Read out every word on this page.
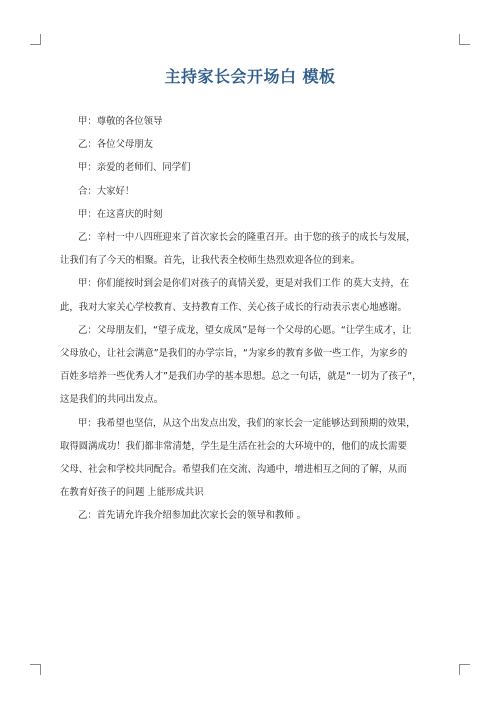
主持家长会开场白 模板
甲：尊敬的各位领导
乙：各位父母朋友
甲：亲爱的老师们、同学们
合：大家好！
甲：在这喜庆的时刻
乙：辛村一中八四班迎来了首次家长会的隆重召开。由于您的孩子的成长与发展，
让我们有了今天的相聚。首先，让我代表全校师生热烈欢迎各位的到来。
甲：你们能按时到会是你们对孩子的真情关爱，更是对我们工作 的莫大支持，在
此，我对大家关心学校教育、支持教育工作、关心孩子成长的行动表示衷心地感谢。
乙：父母朋友们，“望子成龙，望女成凤”是每一个父母的心愿。“让学生成才，让
父母放心，让社会满意”是我们的办学宗旨，“为家乡的教育多做一些工作，为家乡的
百姓多培养一些优秀人才”是我们办学的基本思想。总之一句话，就是“一切为了孩子”，
这是我们的共同出发点。
甲：我希望也坚信，从这个出发点出发，我们的家长会一定能够达到预期的效果，
取得圆满成功！我们都非常清楚，学生是生活在社会的大环境中的，他们的成长需要
父母、社会和学校共同配合。希望我们在交流、沟通中，增进相互之间的了解，从而
在教育好孩子的问题 上能形成共识
乙：首先请允许我介绍参加此次家长会的领导和教师 。
